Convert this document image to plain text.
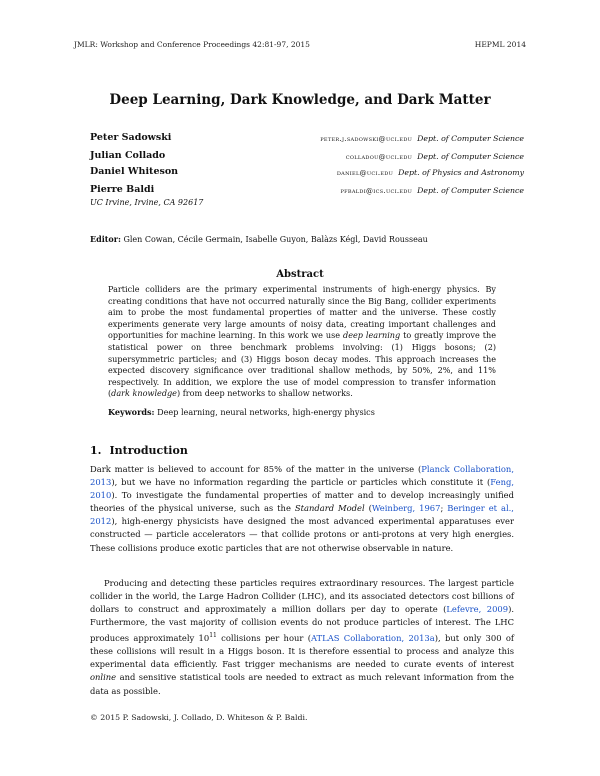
JMLR: Workshop and Conference Proceedings 42:81-97, 2015	HEPML 2014
Deep Learning, Dark Knowledge, and Dark Matter
Peter Sadowski	peter.j.sadowski@uci.edu Dept. of Computer Science
Julian Collado	colladou@uci.edu Dept. of Computer Science
Daniel Whiteson	daniel@uci.edu Dept. of Physics and Astronomy
Pierre Baldi	pfbaldi@ics.uci.edu Dept. of Computer Science
UC Irvine, Irvine, CA 92617
Editor: Glen Cowan, Cécile Germain, Isabelle Guyon, Balàzs Kégl, David Rousseau
Abstract
Particle colliders are the primary experimental instruments of high-energy physics. By creating conditions that have not occurred naturally since the Big Bang, collider experiments aim to probe the most fundamental properties of matter and the universe. These costly experiments generate very large amounts of noisy data, creating important challenges and opportunities for machine learning. In this work we use deep learning to greatly improve the statistical power on three benchmark problems involving: (1) Higgs bosons; (2) supersymmetric particles; and (3) Higgs boson decay modes. This approach increases the expected discovery significance over traditional shallow methods, by 50%, 2%, and 11% respectively. In addition, we explore the use of model compression to transfer information (dark knowledge) from deep networks to shallow networks.
Keywords: Deep learning, neural networks, high-energy physics
1. Introduction
Dark matter is believed to account for 85% of the matter in the universe (Planck Collaboration, 2013), but we have no information regarding the particle or particles which constitute it (Feng, 2010). To investigate the fundamental properties of matter and to develop increasingly unified theories of the physical universe, such as the Standard Model (Weinberg, 1967; Beringer et al., 2012), high-energy physicists have designed the most advanced experimental apparatuses ever constructed — particle accelerators — that collide protons or anti-protons at very high energies. These collisions produce exotic particles that are not otherwise observable in nature.
Producing and detecting these particles requires extraordinary resources. The largest particle collider in the world, the Large Hadron Collider (LHC), and its associated detectors cost billions of dollars to construct and approximately a million dollars per day to operate (Lefevre, 2009). Furthermore, the vast majority of collision events do not produce particles of interest. The LHC produces approximately $10^{11}$ collisions per hour (ATLAS Collaboration, 2013a), but only 300 of these collisions will result in a Higgs boson. It is therefore essential to process and analyze this experimental data efficiently. Fast trigger mechanisms are needed to curate events of interest online and sensitive statistical tools are needed to extract as much relevant information from the data as possible.
© 2015 P. Sadowski, J. Collado, D. Whiteson & P. Baldi.
